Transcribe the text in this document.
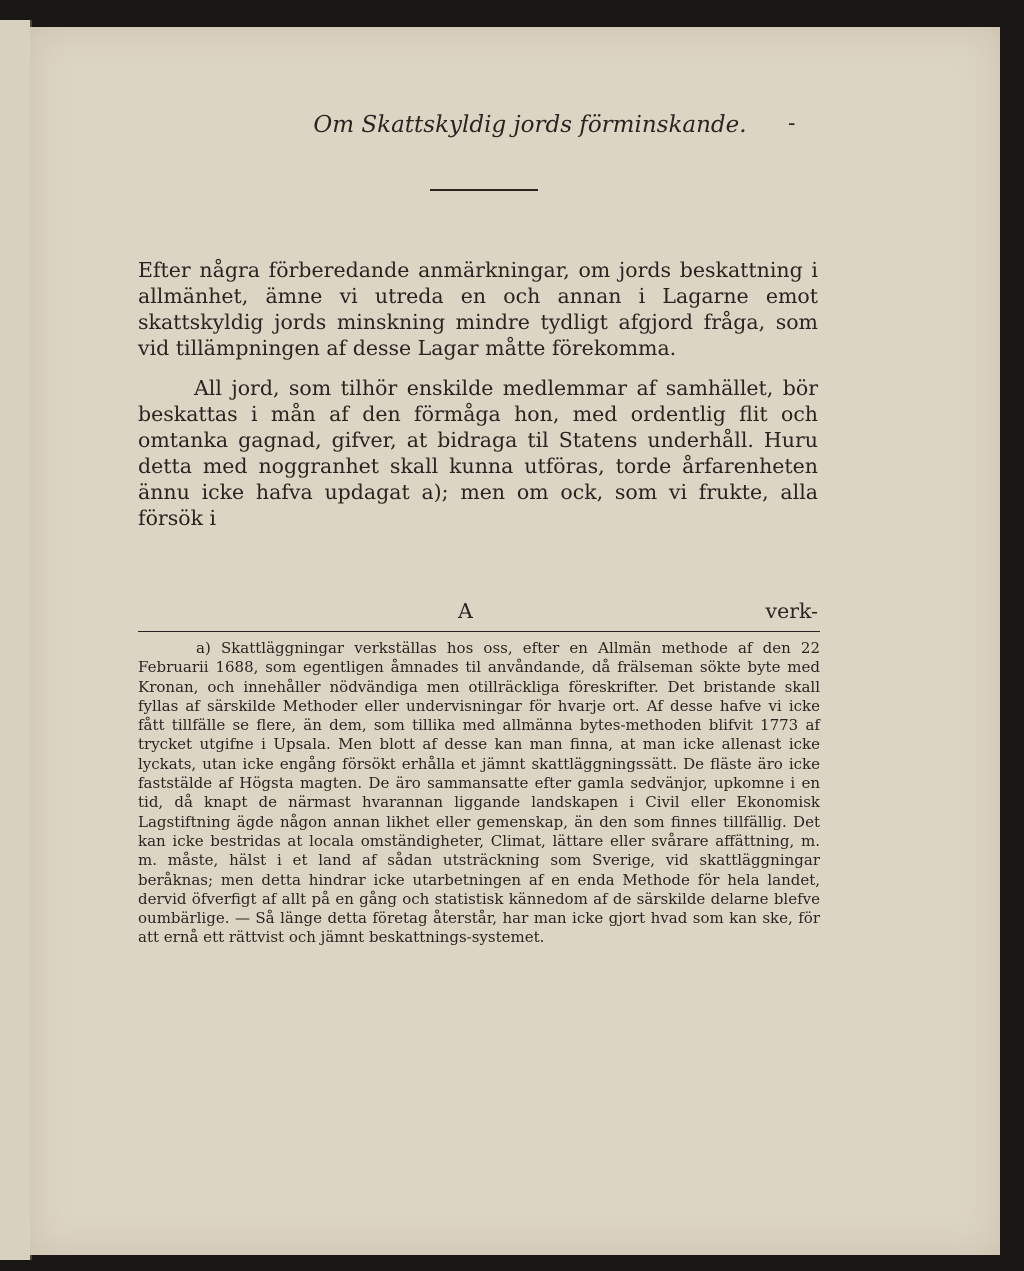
Om Skattskyldig jords förminskande.	-

Efter några förberedande anmärkningar, om jords beskattning i allmänhet, ämne vi utreda en och annan i Lagarne emot skattskyldig jords minskning mindre tydligt afgjord fråga, som vid tillämpningen af desse Lagar måtte förekomma.

All jord, som tilhör enskilde medlemmar af samhället, bör beskattas i mån af den förmåga hon, med ordentlig flit och omtanka gagnad, gifver, at bidraga til Statens underhåll. Huru detta med noggranhet skall kunna utföras, torde årfarenheten ännu icke hafva updagat a); men om ock, som vi frukte, alla försök i

A	verk-

a) Skattläggningar verkställas hos oss, efter en Allmän methode af den 22 Februarii 1688, som egentligen åmnades til anvåndande, då frälseman sökte byte med Kronan, och innehåller nödvändiga men otillräckliga föreskrifter. Det bristande skall fyllas af särskilde Methoder eller undervisningar för hvarje ort. Af desse hafve vi icke fått tillfälle se flere, än dem, som tillika med allmänna bytes-methoden blifvit 1773 af trycket utgifne i Upsala. Men blott af desse kan man finna, at man icke allenast icke lyckats, utan icke engång försökt erhålla et jämnt skattläggningssätt. De fläste äro icke faststälde af Högsta magten. De äro sammansatte efter gamla sedvänjor, upkomne i en tid, då knapt de närmast hvarannan liggande landskapen i Civil eller Ekonomisk Lagstiftning ägde någon annan likhet eller gemenskap, än den som finnes tillfällig. Det kan icke bestridas at locala omständigheter, Climat, lättare eller svårare affättning, m. m. måste, hälst i et land af sådan utsträckning som Sverige, vid skattläggningar beråknas; men detta hindrar icke utarbetningen af en enda Methode för hela landet, dervid öfverfigt af allt på en gång och statistisk kännedom af de särskilde delarne blefve oumbärlige. — Så länge detta företag återstår, har man icke gjort hvad som kan ske, för att ernå ett rättvist och jämnt beskattnings-systemet.
